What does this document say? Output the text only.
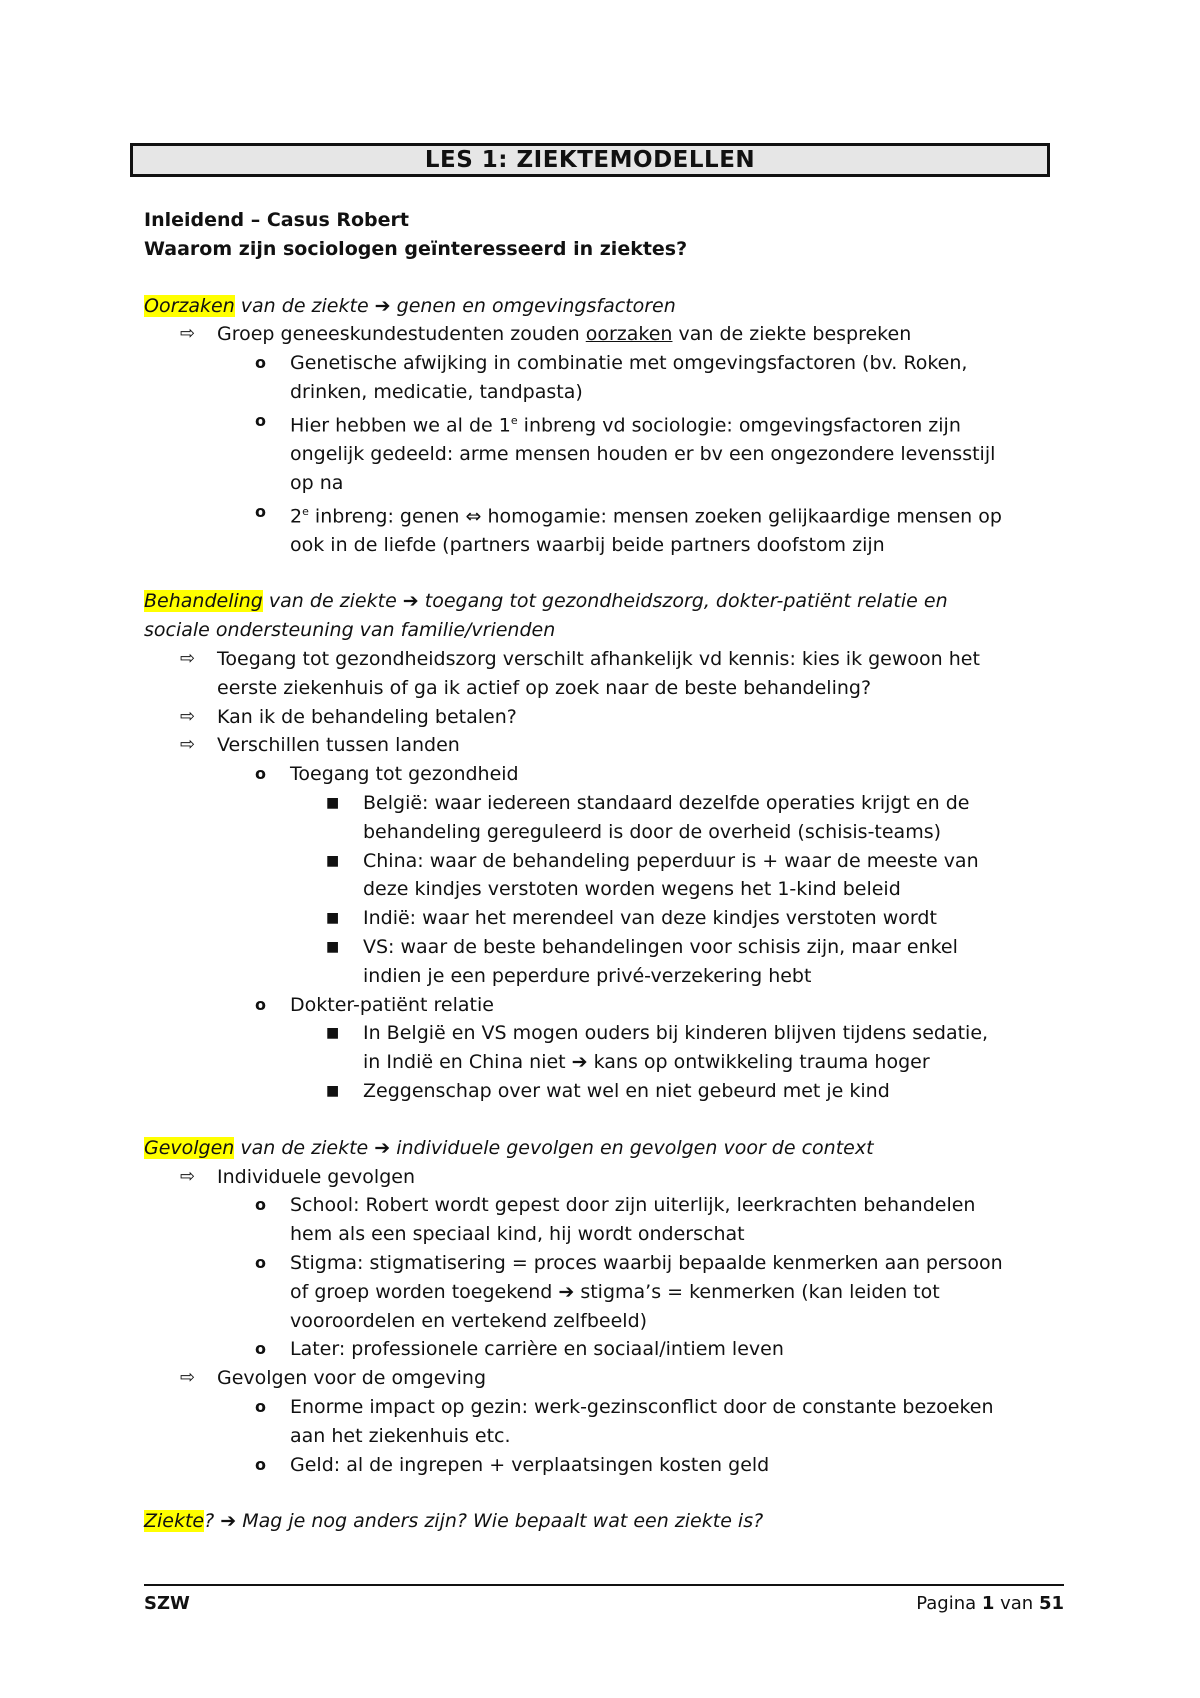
LES 1: ZIEKTEMODELLEN
Inleidend – Casus Robert
Waarom zijn sociologen geïnteresseerd in ziektes?
Oorzaken van de ziekte ➔ genen en omgevingsfactoren
⇨ Groep geneeskundestudenten zouden oorzaken van de ziekte bespreken
o Genetische afwijking in combinatie met omgevingsfactoren (bv. Roken,
drinken, medicatie, tandpasta)
o Hier hebben we al de 1e inbreng vd sociologie: omgevingsfactoren zijn
ongelijk gedeeld: arme mensen houden er bv een ongezondere levensstijl
op na
o 2e inbreng: genen ⇔ homogamie: mensen zoeken gelijkaardige mensen op
ook in de liefde (partners waarbij beide partners doofstom zijn
Behandeling van de ziekte ➔ toegang tot gezondheidszorg, dokter-patiënt relatie en
sociale ondersteuning van familie/vrienden
⇨ Toegang tot gezondheidszorg verschilt afhankelijk vd kennis: kies ik gewoon het
eerste ziekenhuis of ga ik actief op zoek naar de beste behandeling?
⇨ Kan ik de behandeling betalen?
⇨ Verschillen tussen landen
o Toegang tot gezondheid
■ België: waar iedereen standaard dezelfde operaties krijgt en de
behandeling gereguleerd is door de overheid (schisis-teams)
■ China: waar de behandeling peperduur is + waar de meeste van
deze kindjes verstoten worden wegens het 1-kind beleid
■ Indië: waar het merendeel van deze kindjes verstoten wordt
■ VS: waar de beste behandelingen voor schisis zijn, maar enkel
indien je een peperdure privé-verzekering hebt
o Dokter-patiënt relatie
■ In België en VS mogen ouders bij kinderen blijven tijdens sedatie,
in Indië en China niet ➔ kans op ontwikkeling trauma hoger
■ Zeggenschap over wat wel en niet gebeurd met je kind
Gevolgen van de ziekte ➔ individuele gevolgen en gevolgen voor de context
⇨ Individuele gevolgen
o School: Robert wordt gepest door zijn uiterlijk, leerkrachten behandelen
hem als een speciaal kind, hij wordt onderschat
o Stigma: stigmatisering = proces waarbij bepaalde kenmerken aan persoon
of groep worden toegekend ➔ stigma’s = kenmerken (kan leiden tot
vooroordelen en vertekend zelfbeeld)
o Later: professionele carrière en sociaal/intiem leven
⇨ Gevolgen voor de omgeving
o Enorme impact op gezin: werk-gezinsconflict door de constante bezoeken
aan het ziekenhuis etc.
o Geld: al de ingrepen + verplaatsingen kosten geld
Ziekte? ➔ Mag je nog anders zijn? Wie bepaalt wat een ziekte is?
SZW	Pagina 1 van 51
